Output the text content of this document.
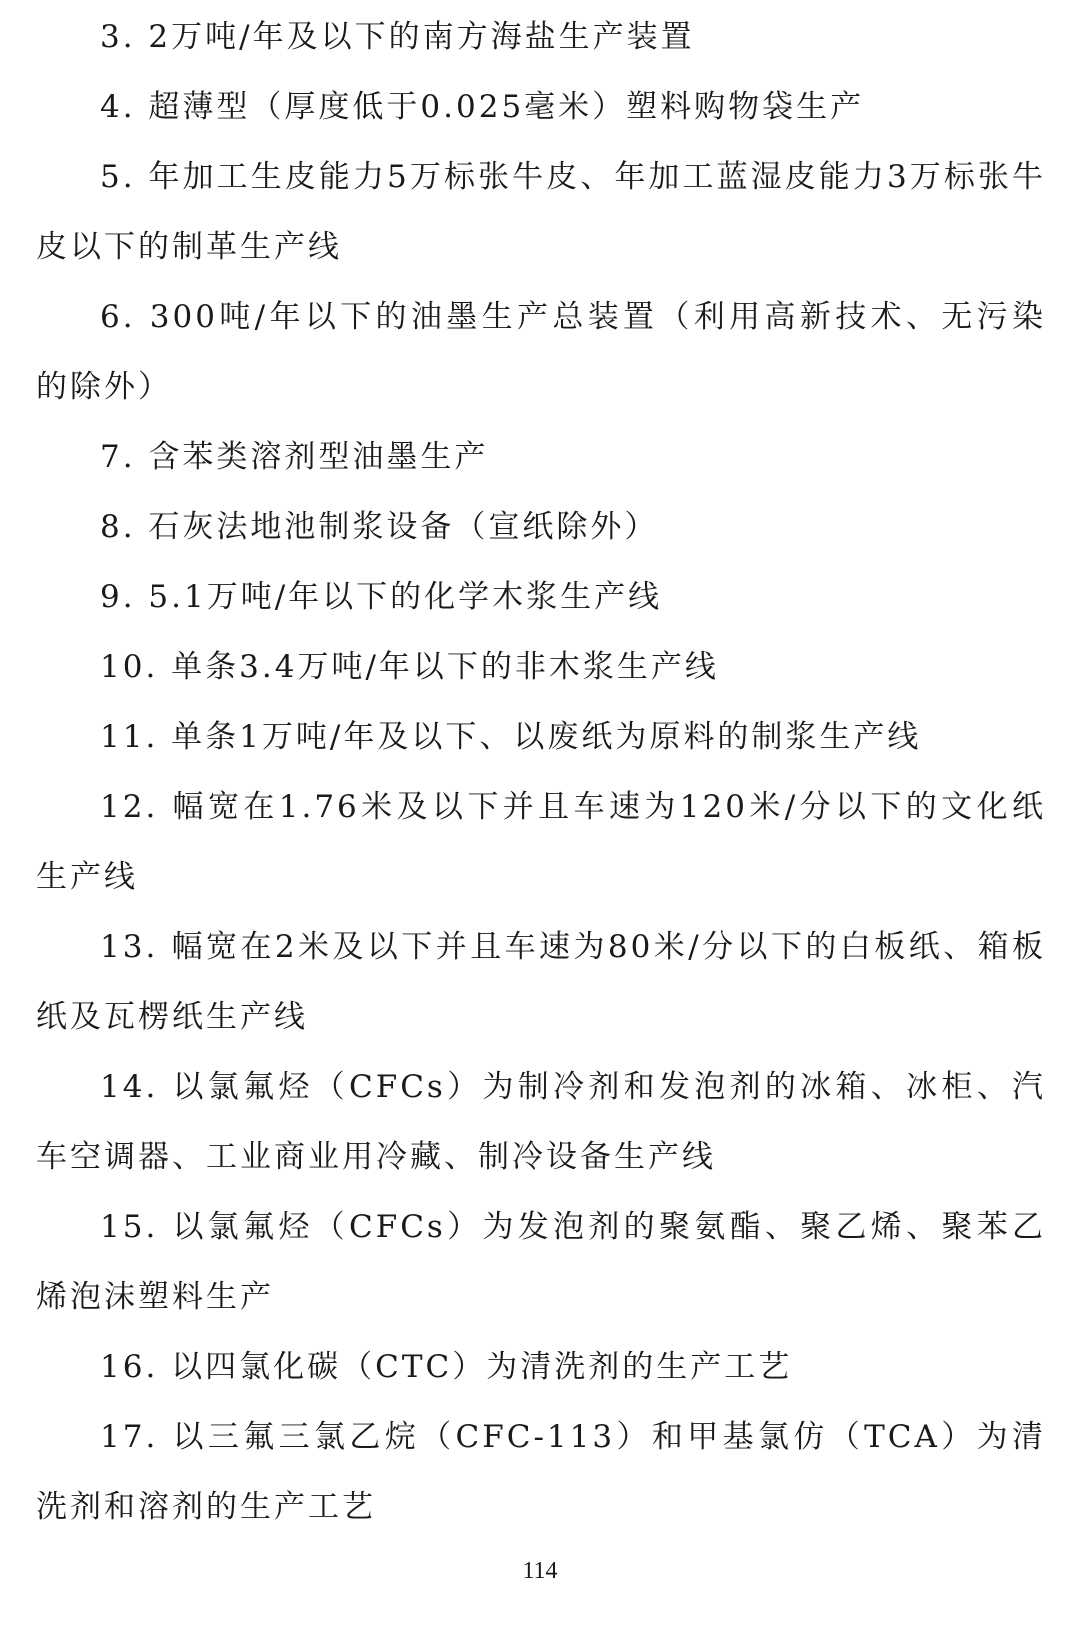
3. 2万吨/年及以下的南方海盐生产装置

4. 超薄型（厚度低于0.025毫米）塑料购物袋生产

5. 年加工生皮能力5万标张牛皮、年加工蓝湿皮能力3万标张牛皮以下的制革生产线

6. 300吨/年以下的油墨生产总装置（利用高新技术、无污染的除外）

7. 含苯类溶剂型油墨生产

8. 石灰法地池制浆设备（宣纸除外）

9. 5.1万吨/年以下的化学木浆生产线

10. 单条3.4万吨/年以下的非木浆生产线

11. 单条1万吨/年及以下、以废纸为原料的制浆生产线

12. 幅宽在1.76米及以下并且车速为120米/分以下的文化纸生产线

13. 幅宽在2米及以下并且车速为80米/分以下的白板纸、箱板纸及瓦楞纸生产线

14. 以氯氟烃（CFCs）为制冷剂和发泡剂的冰箱、冰柜、汽车空调器、工业商业用冷藏、制冷设备生产线

15. 以氯氟烃（CFCs）为发泡剂的聚氨酯、聚乙烯、聚苯乙烯泡沫塑料生产

16. 以四氯化碳（CTC）为清洗剂的生产工艺

17. 以三氟三氯乙烷（CFC-113）和甲基氯仿（TCA）为清洗剂和溶剂的生产工艺

114
